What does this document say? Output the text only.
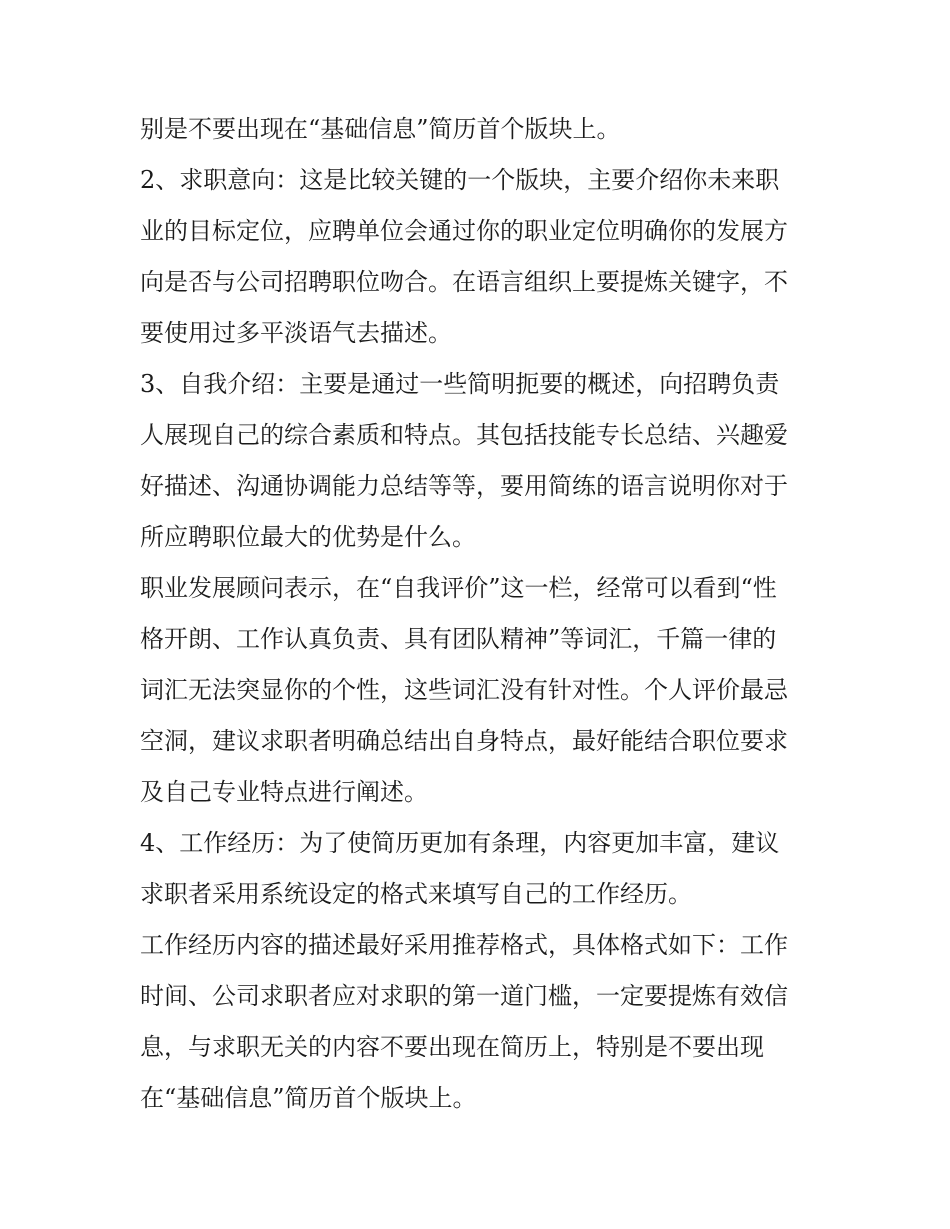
别是不要出现在“基础信息”简历首个版块上。
2、求职意向：这是比较关键的一个版块，主要介绍你未来职
业的目标定位，应聘单位会通过你的职业定位明确你的发展方
向是否与公司招聘职位吻合。在语言组织上要提炼关键字，不
要使用过多平淡语气去描述。
3、自我介绍：主要是通过一些简明扼要的概述，向招聘负责
人展现自己的综合素质和特点。其包括技能专长总结、兴趣爱
好描述、沟通协调能力总结等等，要用简练的语言说明你对于
所应聘职位最大的优势是什么。
职业发展顾问表示，在“自我评价”这一栏，经常可以看到“性
格开朗、工作认真负责、具有团队精神”等词汇，千篇一律的
词汇无法突显你的个性，这些词汇没有针对性。个人评价最忌
空洞，建议求职者明确总结出自身特点，最好能结合职位要求
及自己专业特点进行阐述。
4、工作经历：为了使简历更加有条理，内容更加丰富，建议
求职者采用系统设定的格式来填写自己的工作经历。
工作经历内容的描述最好采用推荐格式，具体格式如下：工作
时间、公司求职者应对求职的第一道门槛，一定要提炼有效信
息，与求职无关的内容不要出现在简历上，特别是不要出现
在“基础信息”简历首个版块上。
